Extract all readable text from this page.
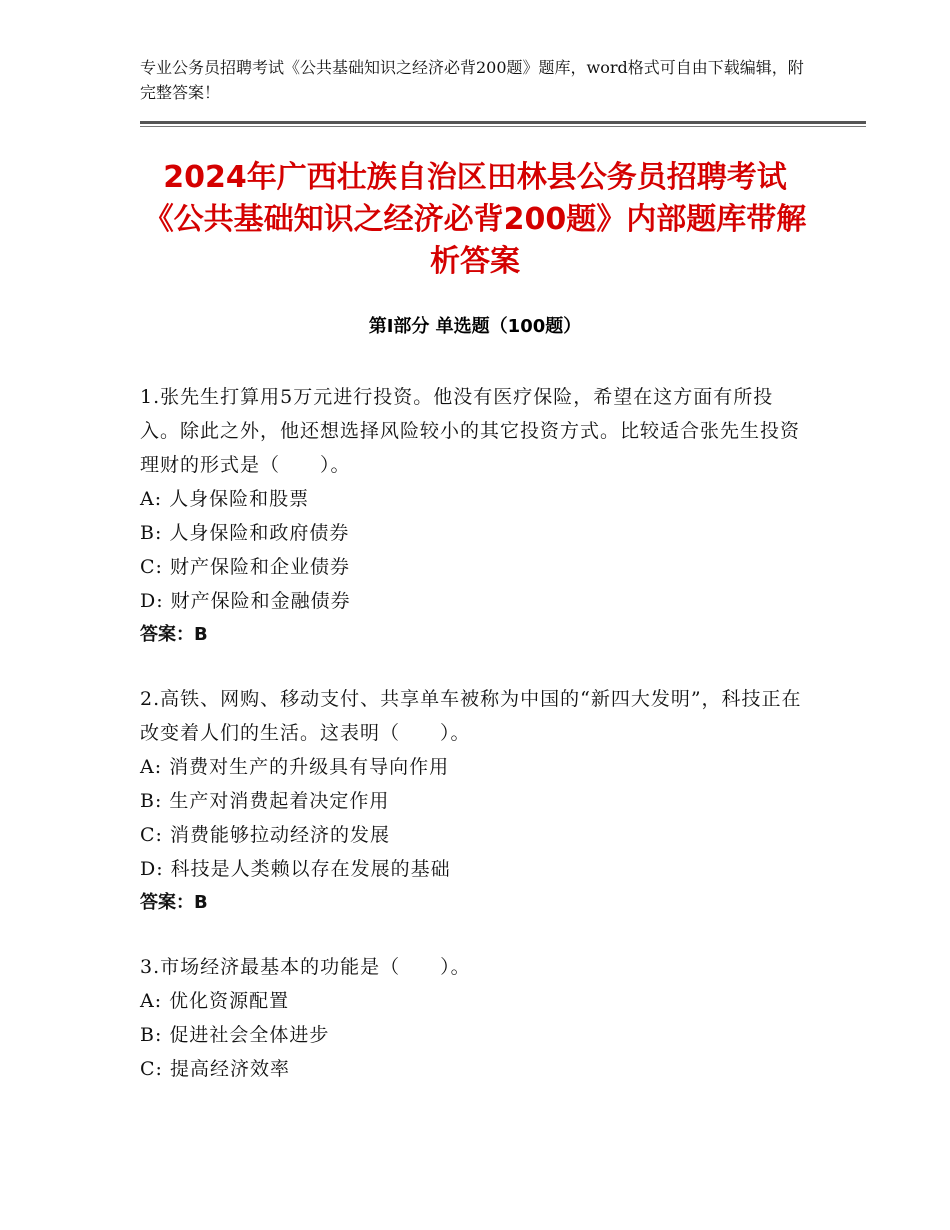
专业公务员招聘考试《公共基础知识之经济必背200题》题库，word格式可自由下载编辑，附完整答案！
2024年广西壮族自治区田林县公务员招聘考试《公共基础知识之经济必背200题》内部题库带解析答案
第Ⅰ部分 单选题（100题）
1.张先生打算用5万元进行投资。他没有医疗保险，希望在这方面有所投入。除此之外，他还想选择风险较小的其它投资方式。比较适合张先生投资理财的形式是（　　）。
A: 人身保险和股票
B: 人身保险和政府债券
C: 财产保险和企业债券
D: 财产保险和金融债券
答案：B
2.高铁、网购、移动支付、共享单车被称为中国的“新四大发明”，科技正在改变着人们的生活。这表明（　　）。
A: 消费对生产的升级具有导向作用
B: 生产对消费起着决定作用
C: 消费能够拉动经济的发展
D: 科技是人类赖以存在发展的基础
答案：B
3.市场经济最基本的功能是（　　）。
A: 优化资源配置
B: 促进社会全体进步
C: 提高经济效率
